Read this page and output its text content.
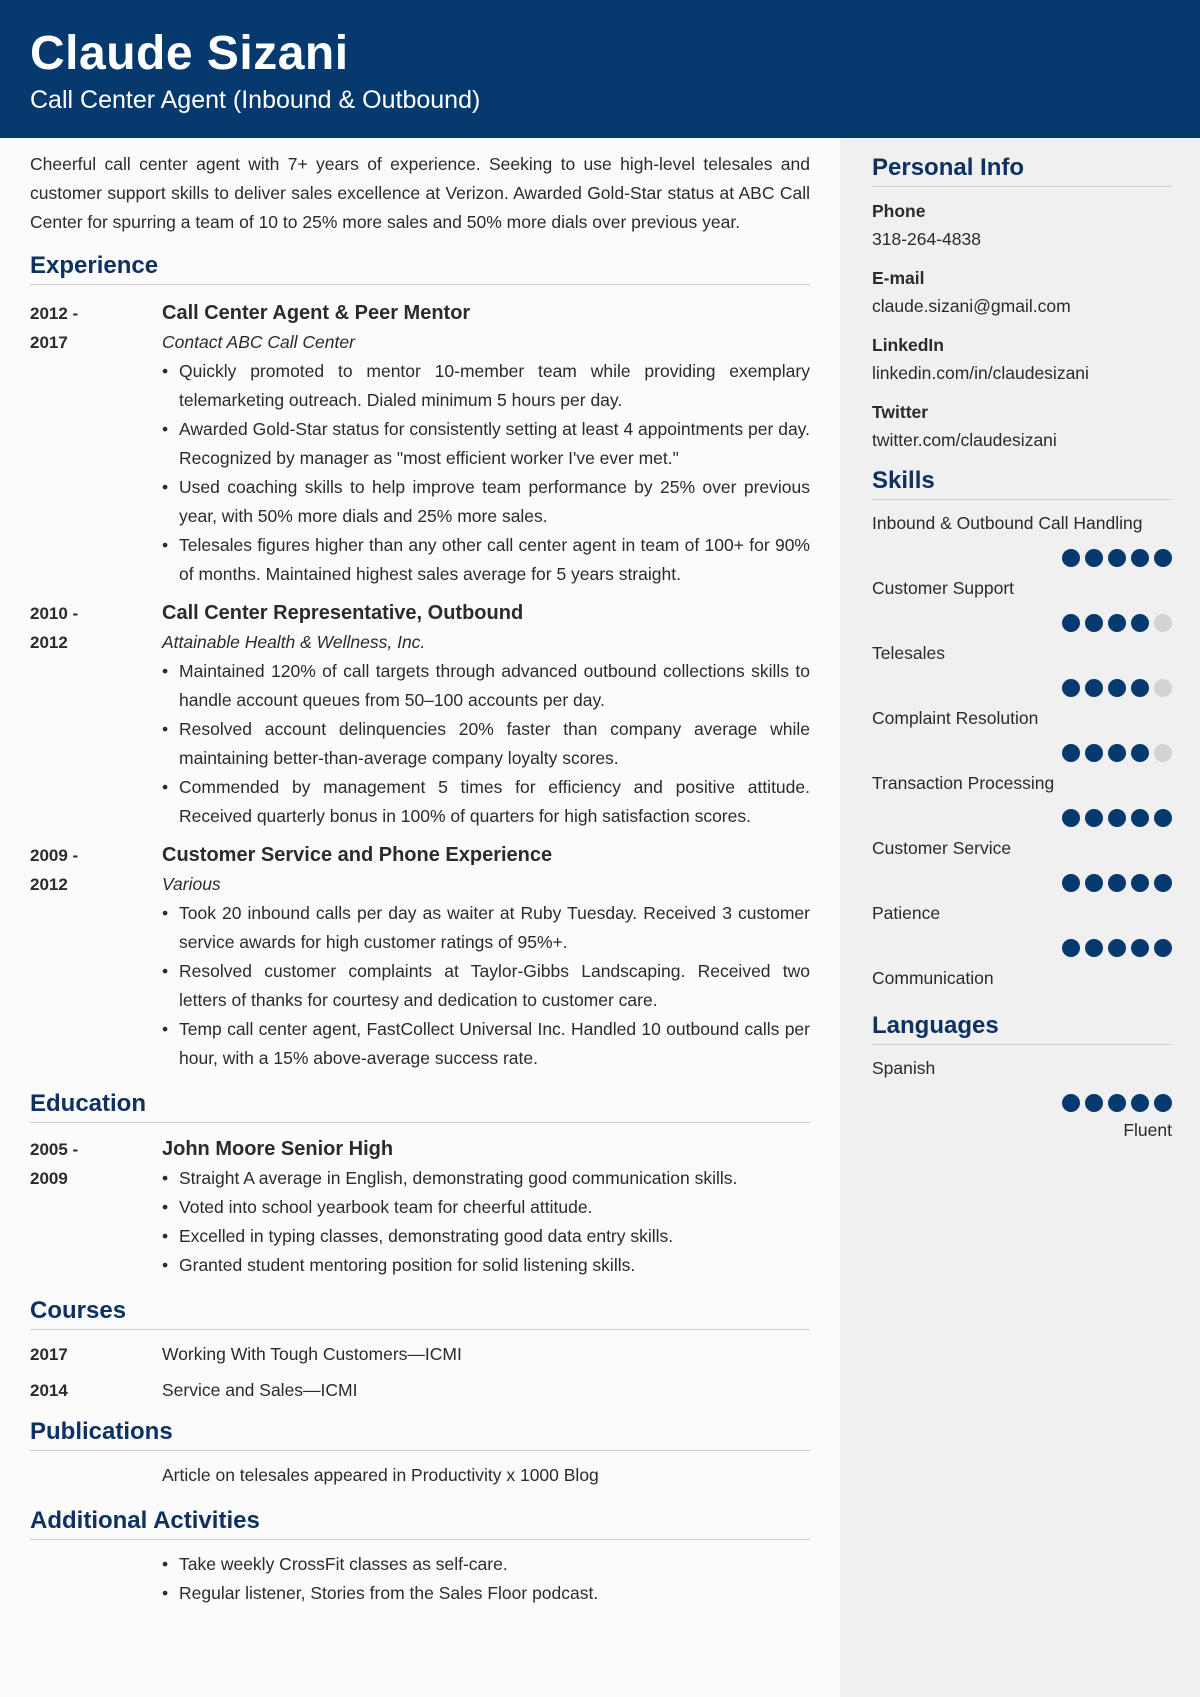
Claude Sizani
Call Center Agent (Inbound & Outbound)

Cheerful call center agent with 7+ years of experience. Seeking to use high-level telesales and customer support skills to deliver sales excellence at Verizon. Awarded Gold-Star status at ABC Call Center for spurring a team of 10 to 25% more sales and 50% more dials over previous year.

Experience
2012 -
2017
Call Center Agent & Peer Mentor
Contact ABC Call Center
• Quickly promoted to mentor 10-member team while providing exemplary telemarketing outreach. Dialed minimum 5 hours per day.
• Awarded Gold-Star status for consistently setting at least 4 appointments per day. Recognized by manager as "most efficient worker I've ever met."
• Used coaching skills to help improve team performance by 25% over previous year, with 50% more dials and 25% more sales.
• Telesales figures higher than any other call center agent in team of 100+ for 90% of months. Maintained highest sales average for 5 years straight.
2010 -
2012
Call Center Representative, Outbound
Attainable Health & Wellness, Inc.
• Maintained 120% of call targets through advanced outbound collections skills to handle account queues from 50–100 accounts per day.
• Resolved account delinquencies 20% faster than company average while maintaining better-than-average company loyalty scores.
• Commended by management 5 times for efficiency and positive attitude. Received quarterly bonus in 100% of quarters for high satisfaction scores.
2009 -
2012
Customer Service and Phone Experience
Various
• Took 20 inbound calls per day as waiter at Ruby Tuesday. Received 3 customer service awards for high customer ratings of 95%+.
• Resolved customer complaints at Taylor-Gibbs Landscaping. Received two letters of thanks for courtesy and dedication to customer care.
• Temp call center agent, FastCollect Universal Inc. Handled 10 outbound calls per hour, with a 15% above-average success rate.
Education
2005 -
2009
John Moore Senior High
• Straight A average in English, demonstrating good communication skills.
• Voted into school yearbook team for cheerful attitude.
• Excelled in typing classes, demonstrating good data entry skills.
• Granted student mentoring position for solid listening skills.
Courses
2017	Working With Tough Customers—ICMI
2014	Service and Sales—ICMI
Publications
Article on telesales appeared in Productivity x 1000 Blog
Additional Activities
• Take weekly CrossFit classes as self-care.
• Regular listener, Stories from the Sales Floor podcast.
Personal Info
Phone
318-264-4838
E-mail
claude.sizani@gmail.com
LinkedIn
linkedin.com/in/claudesizani
Twitter
twitter.com/claudesizani
Skills
Inbound & Outbound Call Handling
Customer Support
Telesales
Complaint Resolution
Transaction Processing
Customer Service
Patience
Communication
Languages
Spanish
Fluent
